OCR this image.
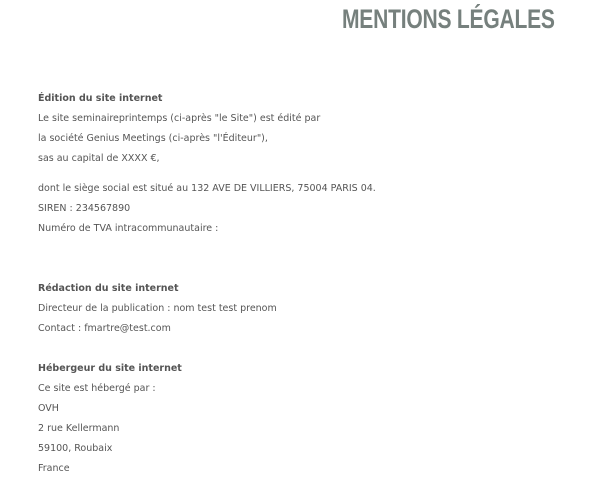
MENTIONS LÉGALES

Édition du site internet

Le site seminaireprintemps (ci-après "le Site") est édité par

la société Genius Meetings (ci-après "l'Éditeur"),

sas au capital de XXXX €,

dont le siège social est situé au 132 AVE DE VILLIERS, 75004 PARIS 04.

SIREN : 234567890

Numéro de TVA intracommunautaire :

Rédaction du site internet

Directeur de la publication : nom test test prenom

Contact : fmartre@test.com

Hébergeur du site internet

Ce site est hébergé par :

OVH

2 rue Kellermann

59100, Roubaix

France
